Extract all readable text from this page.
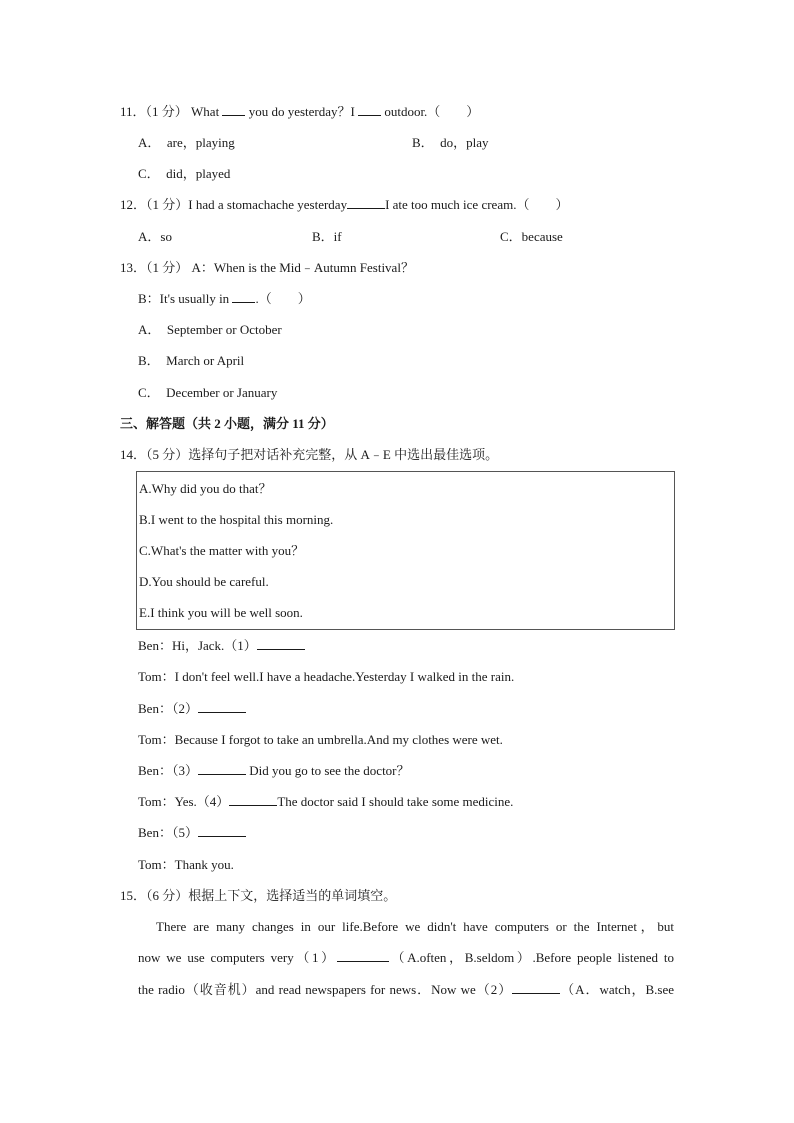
11．（1 分） What  you do yesterday？I  outdoor.（　　）
A． are，playing	B． do，play
C． did，played
12．（1 分）I had a stomachache yesterday	I ate too much ice cream.（　　）
A．so	B．if	C．because
13．（1 分） A：When is the Mid﹣Autumn Festival？
B：It's usually in .（　　）
A． September or October
B． March or April
C． December or January
三、解答题（共 2 小题，满分 11 分）
14．（5 分）选择句子把对话补充完整，从 A﹣E 中选出最佳选项。
A.Why did you do that？
B.I went to the hospital this morning.
C.What's the matter with you？
D.You should be careful.
E.I think you will be well soon.
Ben：Hi，Jack.（1）
Tom：I don't feel well.I have a headache.Yesterday I walked in the rain.
Ben：（2）
Tom：Because I forgot to take an umbrella.And my clothes were wet.
Ben：（3）	Did you go to see the doctor？
Tom：Yes.（4）	The doctor said I should take some medicine.
Ben：（5）
Tom：Thank you.
15．（6 分）根据上下文，选择适当的单词填空。
There are many changes in our life.Before we didn't have computers or the Internet，but
now we use computers very（1）	（A.often，B.seldom）.Before people listened to
the radio（收音机）and read newspapers for news．Now we（2）	（A．watch，B.see
